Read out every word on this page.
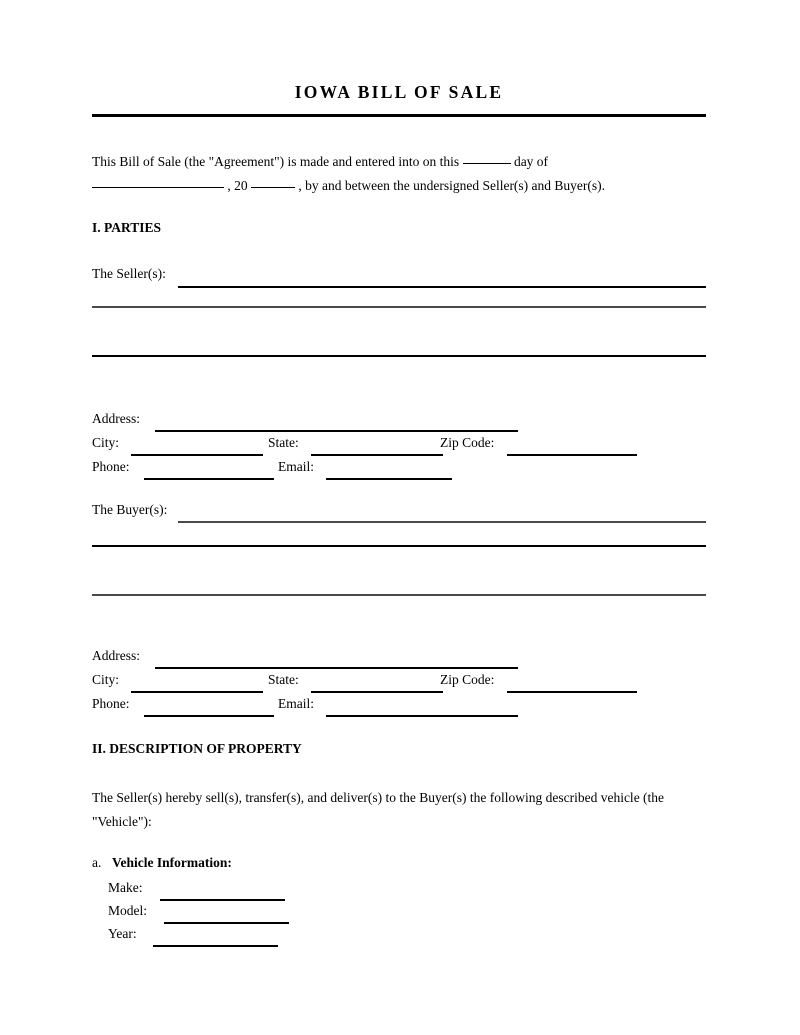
IOWA BILL OF SALE
This Bill of Sale (the "Agreement") is made and entered into on this	day of
, 20	, by and between the undersigned Seller(s) and Buyer(s).
I. PARTIES
The Seller(s):
Address:
City:	State:	Zip Code:
Phone:	Email:
The Buyer(s):
Address:
City:	State:	Zip Code:
Phone:	Email:
II. DESCRIPTION OF PROPERTY
The Seller(s) hereby sell(s), transfer(s), and deliver(s) to the Buyer(s) the following described vehicle (the "Vehicle"):
a. Vehicle Information:
Make:
Model:
Year:
